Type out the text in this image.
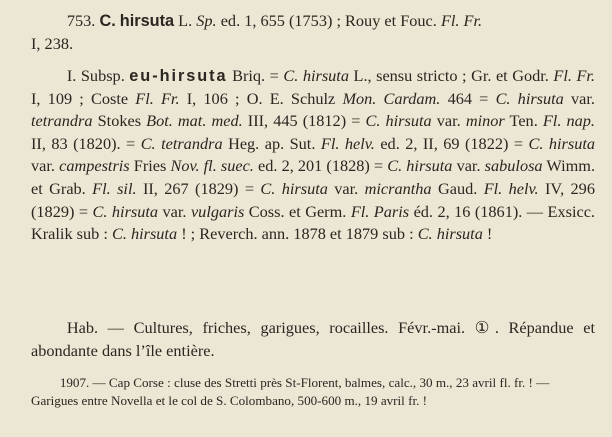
753. C. hirsuta L. Sp. ed. 1, 655 (1753) ; Rouy et Fouc. Fl. Fr.
I, 238.

I. Subsp. eu-hirsuta Briq. = C. hirsuta L., sensu stricto ; Gr. et Godr. Fl. Fr. I, 109 ; Coste Fl. Fr. I, 106 ; O. E. Schulz Mon. Cardam. 464 = C. hirsuta var. tetrandra Stokes Bot. mat. med. III, 445 (1812) = C. hirsuta var. minor Ten. Fl. nap. II, 83 (1820). = C. tetrandra Heg. ap. Sut. Fl. helv. ed. 2, II, 69 (1822) = C. hirsuta var. campestris Fries Nov. fl. suec. ed. 2, 201 (1828) = C. hirsuta var. sabulosa Wimm. et Grab. Fl. sil. II, 267 (1829) = C. hirsuta var. micrantha Gaud. Fl. helv. IV, 296 (1829) = C. hirsuta var. vulgaris Coss. et Germ. Fl. Paris éd. 2, 16 (1861). — Exsicc. Kralik sub : C. hirsuta ! ; Reverch. ann. 1878 et 1879 sub : C. hirsuta !

Hab. — Cultures, friches, garigues, rocailles. Févr.-mai. ①. Répandue et abondante dans l’île entière.

1907. — Cap Corse : cluse des Stretti près St-Florent, balmes, calc., 30 m., 23 avril fl. fr. ! — Garigues entre Novella et le col de S. Colombano, 500-600 m., 19 avril fr. !
